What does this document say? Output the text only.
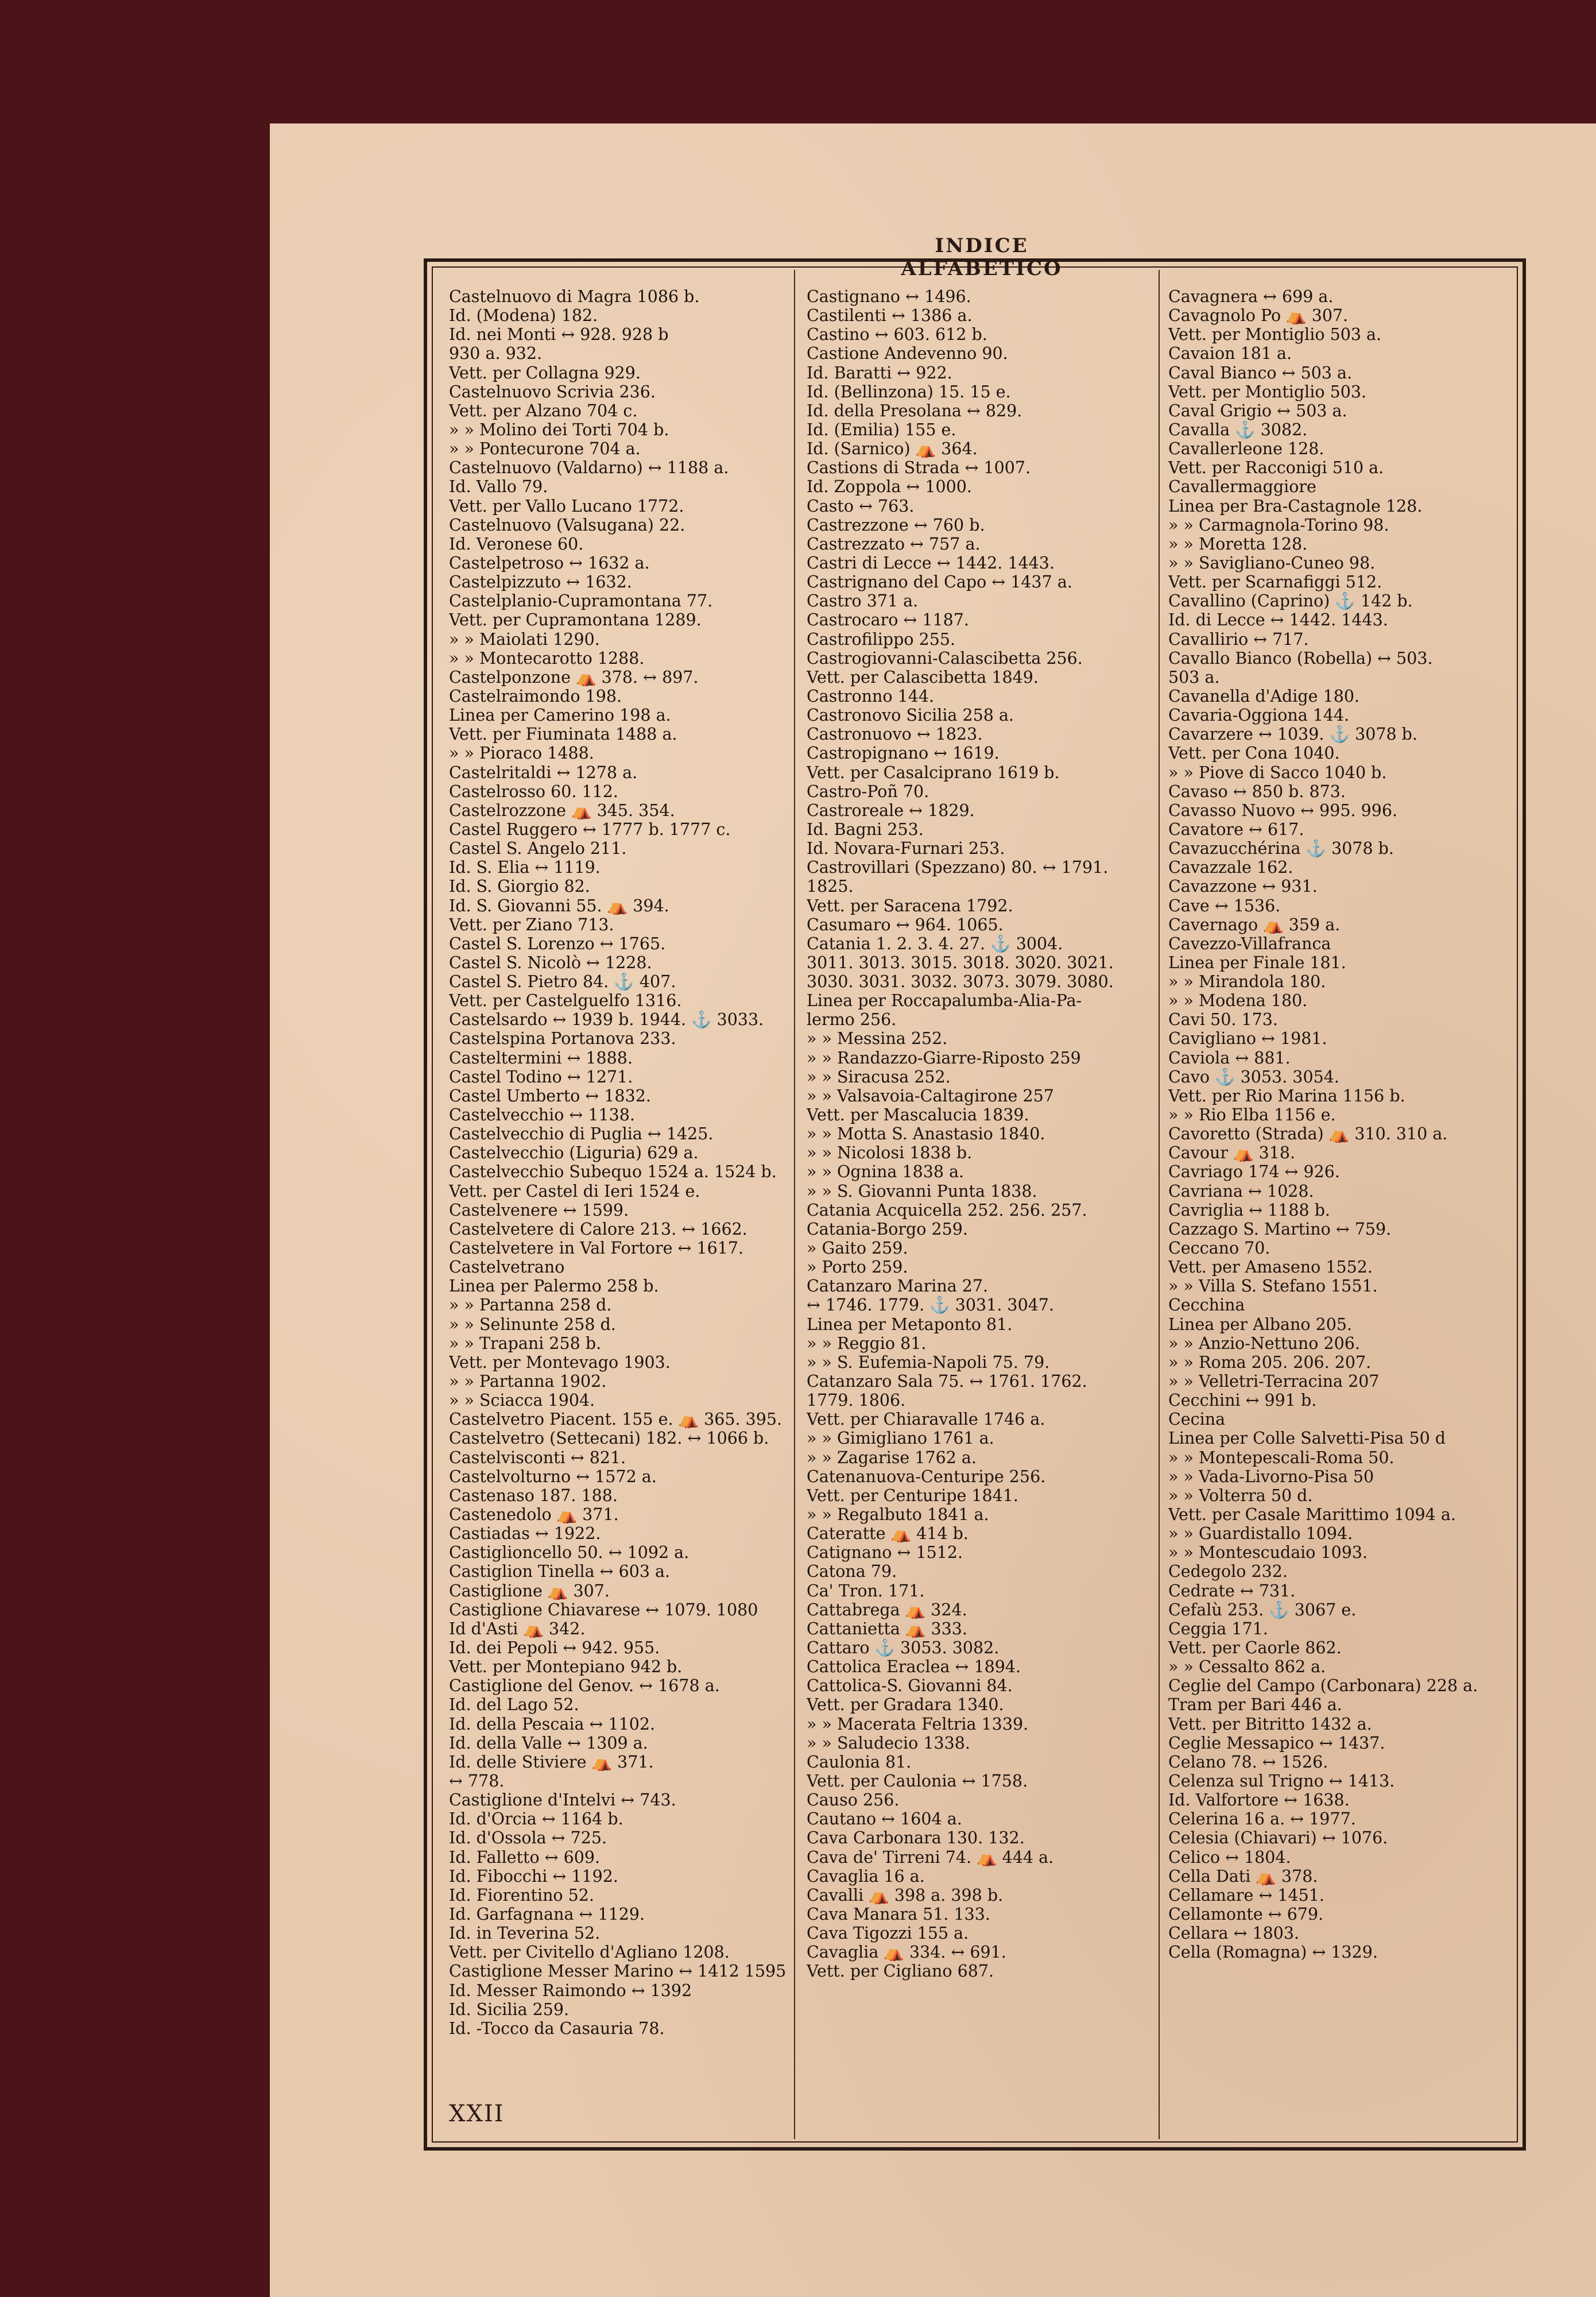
INDICE ALFABETICO
Castelnuovo di Magra 1086 b.
Id. (Modena) 182.
Id. nei Monti ↔ 928. 928 b
930 a. 932.
Vett. per Collagna 929.
Castelnuovo Scrivia 236.
Vett. per Alzano 704 c.
» » Molino dei Torti 704 b.
» » Pontecurone 704 a.
Castelnuovo (Valdarno) ↔ 1188 a.
Id. Vallo 79.
Vett. per Vallo Lucano 1772.
Castelnuovo (Valsugana) 22.
Id. Veronese 60.
Castelpetroso ↔ 1632 a.
Castelpizzuto ↔ 1632.
Castelplanio-Cupramontana 77.
Vett. per Cupramontana 1289.
» » Maiolati 1290.
» » Montecarotto 1288.
Castelponzone ⛺ 378. ↔ 897.
Castelraimondo 198.
Linea per Camerino 198 a.
Vett. per Fiuminata 1488 a.
» » Pioraco 1488.
Castelritaldi ↔ 1278 a.
Castelrosso 60. 112.
Castelrozzone ⛺ 345. 354.
Castel Ruggero ↔ 1777 b. 1777 c.
Castel S. Angelo 211.
Id. S. Elia ↔ 1119.
Id. S. Giorgio 82.
Id. S. Giovanni 55. ⛺ 394.
Vett. per Ziano 713.
Castel S. Lorenzo ↔ 1765.
Castel S. Nicolò ↔ 1228.
Castel S. Pietro 84. ⚓ 407.
Vett. per Castelguelfo 1316.
Castelsardo ↔ 1939 b. 1944. ⚓ 3033.
Castelspina Portanova 233.
Casteltermini ↔ 1888.
Castel Todino ↔ 1271.
Castel Umberto ↔ 1832.
Castelvecchio ↔ 1138.
Castelvecchio di Puglia ↔ 1425.
Castelvecchio (Liguria) 629 a.
Castelvecchio Subequo 1524 a. 1524 b.
Vett. per Castel di Ieri 1524 e.
Castelvenere ↔ 1599.
Castelvetere di Calore 213. ↔ 1662.
Castelvetere in Val Fortore ↔ 1617.
Castelvetrano
Linea per Palermo 258 b.
» » Partanna 258 d.
» » Selinunte 258 d.
» » Trapani 258 b.
Vett. per Montevago 1903.
» » Partanna 1902.
» » Sciacca 1904.
Castelvetro Piacent. 155 e. ⛺ 365. 395.
Castelvetro (Settecani) 182. ↔ 1066 b.
Castelvisconti ↔ 821.
Castelvolturno ↔ 1572 a.
Castenaso 187. 188.
Castenedolo ⛺ 371.
Castiadas ↔ 1922.
Castiglioncello 50. ↔ 1092 a.
Castiglion Tinella ↔ 603 a.
Castiglione ⛺ 307.
Castiglione Chiavarese ↔ 1079. 1080
Id d'Asti ⛺ 342.
Id. dei Pepoli ↔ 942. 955.
Vett. per Montepiano 942 b.
Castiglione del Genov. ↔ 1678 a.
Id. del Lago 52.
Id. della Pescaia ↔ 1102.
Id. della Valle ↔ 1309 a.
Id. delle Stiviere ⛺ 371.
↔ 778.
Castiglione d'Intelvi ↔ 743.
Id. d'Orcia ↔ 1164 b.
Id. d'Ossola ↔ 725.
Id. Falletto ↔ 609.
Id. Fibocchi ↔ 1192.
Id. Fiorentino 52.
Id. Garfagnana ↔ 1129.
Id. in Teverina 52.
Vett. per Civitello d'Agliano 1208.
Castiglione Messer Marino ↔ 1412 1595
Id. Messer Raimondo ↔ 1392
Id. Sicilia 259.
Id. -Tocco da Casauria 78.
Castignano ↔ 1496.
Castilenti ↔ 1386 a.
Castino ↔ 603. 612 b.
Castione Andevenno 90.
Id. Baratti ↔ 922.
Id. (Bellinzona) 15. 15 e.
Id. della Presolana ↔ 829.
Id. (Emilia) 155 e.
Id. (Sarnico) ⛺ 364.
Castions di Strada ↔ 1007.
Id. Zoppola ↔ 1000.
Casto ↔ 763.
Castrezzone ↔ 760 b.
Castrezzato ↔ 757 a.
Castri di Lecce ↔ 1442. 1443.
Castrignano del Capo ↔ 1437 a.
Castro 371 a.
Castrocaro ↔ 1187.
Castrofilippo 255.
Castrogiovanni-Calascibetta 256.
Vett. per Calascibetta 1849.
Castronno 144.
Castronovo Sicilia 258 a.
Castronuovo ↔ 1823.
Castropignano ↔ 1619.
Vett. per Casalciprano 1619 b.
Castro-Poñ 70.
Castroreale ↔ 1829.
Id. Bagni 253.
Id. Novara-Furnari 253.
Castrovillari (Spezzano) 80. ↔ 1791.
1825.
Vett. per Saracena 1792.
Casumaro ↔ 964. 1065.
Catania 1. 2. 3. 4. 27. ⚓ 3004.
3011. 3013. 3015. 3018. 3020. 3021.
3030. 3031. 3032. 3073. 3079. 3080.
Linea per Roccapalumba-Alia-Pa-
lermo 256.
» » Messina 252.
» » Randazzo-Giarre-Riposto 259
» » Siracusa 252.
» » Valsavoia-Caltagirone 257
Vett. per Mascalucia 1839.
» » Motta S. Anastasio 1840.
» » Nicolosi 1838 b.
» » Ognina 1838 a.
» » S. Giovanni Punta 1838.
Catania Acquicella 252. 256. 257.
Catania-Borgo 259.
» Gaito 259.
» Porto 259.
Catanzaro Marina 27.
↔ 1746. 1779. ⚓ 3031. 3047.
Linea per Metaponto 81.
» » Reggio 81.
» » S. Eufemia-Napoli 75. 79.
Catanzaro Sala 75. ↔ 1761. 1762.
1779. 1806.
Vett. per Chiaravalle 1746 a.
» » Gimigliano 1761 a.
» » Zagarise 1762 a.
Catenanuova-Centuripe 256.
Vett. per Centuripe 1841.
» » Regalbuto 1841 a.
Cateratte ⛺ 414 b.
Catignano ↔ 1512.
Catona 79.
Ca' Tron. 171.
Cattabrega ⛺ 324.
Cattanietta ⛺ 333.
Cattaro ⚓ 3053. 3082.
Cattolica Eraclea ↔ 1894.
Cattolica-S. Giovanni 84.
Vett. per Gradara 1340.
» » Macerata Feltria 1339.
» » Saludecio 1338.
Caulonia 81.
Vett. per Caulonia ↔ 1758.
Causo 256.
Cautano ↔ 1604 a.
Cava Carbonara 130. 132.
Cava de' Tirreni 74. ⛺ 444 a.
Cavaglia 16 a.
Cavalli ⛺ 398 a. 398 b.
Cava Manara 51. 133.
Cava Tigozzi 155 a.
Cavaglia ⛺ 334. ↔ 691.
Vett. per Cigliano 687.
Cavagnera ↔ 699 a.
Cavagnolo Po ⛺ 307.
Vett. per Montiglio 503 a.
Cavaion 181 a.
Caval Bianco ↔ 503 a.
Vett. per Montiglio 503.
Caval Grigio ↔ 503 a.
Cavalla ⚓ 3082.
Cavallerleone 128.
Vett. per Racconigi 510 a.
Cavallermaggiore
Linea per Bra-Castagnole 128.
» » Carmagnola-Torino 98.
» » Moretta 128.
» » Savigliano-Cuneo 98.
Vett. per Scarnafiggi 512.
Cavallino (Caprino) ⚓ 142 b.
Id. di Lecce ↔ 1442. 1443.
Cavallirio ↔ 717.
Cavallo Bianco (Robella) ↔ 503.
503 a.
Cavanella d'Adige 180.
Cavaria-Oggiona 144.
Cavarzere ↔ 1039. ⚓ 3078 b.
Vett. per Cona 1040.
» » Piove di Sacco 1040 b.
Cavaso ↔ 850 b. 873.
Cavasso Nuovo ↔ 995. 996.
Cavatore ↔ 617.
Cavazucchérina ⚓ 3078 b.
Cavazzale 162.
Cavazzone ↔ 931.
Cave ↔ 1536.
Cavernago ⛺ 359 a.
Cavezzo-Villafranca
Linea per Finale 181.
» » Mirandola 180.
» » Modena 180.
Cavi 50. 173.
Cavigliano ↔ 1981.
Caviola ↔ 881.
Cavo ⚓ 3053. 3054.
Vett. per Rio Marina 1156 b.
» » Rio Elba 1156 e.
Cavoretto (Strada) ⛺ 310. 310 a.
Cavour ⛺ 318.
Cavriago 174 ↔ 926.
Cavriana ↔ 1028.
Cavriglia ↔ 1188 b.
Cazzago S. Martino ↔ 759.
Ceccano 70.
Vett. per Amaseno 1552.
» » Villa S. Stefano 1551.
Cecchina
Linea per Albano 205.
» » Anzio-Nettuno 206.
» » Roma 205. 206. 207.
» » Velletri-Terracina 207
Cecchini ↔ 991 b.
Cecina
Linea per Colle Salvetti-Pisa 50 d
» » Montepescali-Roma 50.
» » Vada-Livorno-Pisa 50
» » Volterra 50 d.
Vett. per Casale Marittimo 1094 a.
» » Guardistallo 1094.
» » Montescudaio 1093.
Cedegolo 232.
Cedrate ↔ 731.
Cefalù 253. ⚓ 3067 e.
Ceggia 171.
Vett. per Caorle 862.
» » Cessalto 862 a.
Ceglie del Campo (Carbonara) 228 a.
Tram per Bari 446 a.
Vett. per Bitritto 1432 a.
Ceglie Messapico ↔ 1437.
Celano 78. ↔ 1526.
Celenza sul Trigno ↔ 1413.
Id. Valfortore ↔ 1638.
Celerina 16 a. ↔ 1977.
Celesia (Chiavari) ↔ 1076.
Celico ↔ 1804.
Cella Dati ⛺ 378.
Cellamare ↔ 1451.
Cellamonte ↔ 679.
Cellara ↔ 1803.
Cella (Romagna) ↔ 1329.
XXII
